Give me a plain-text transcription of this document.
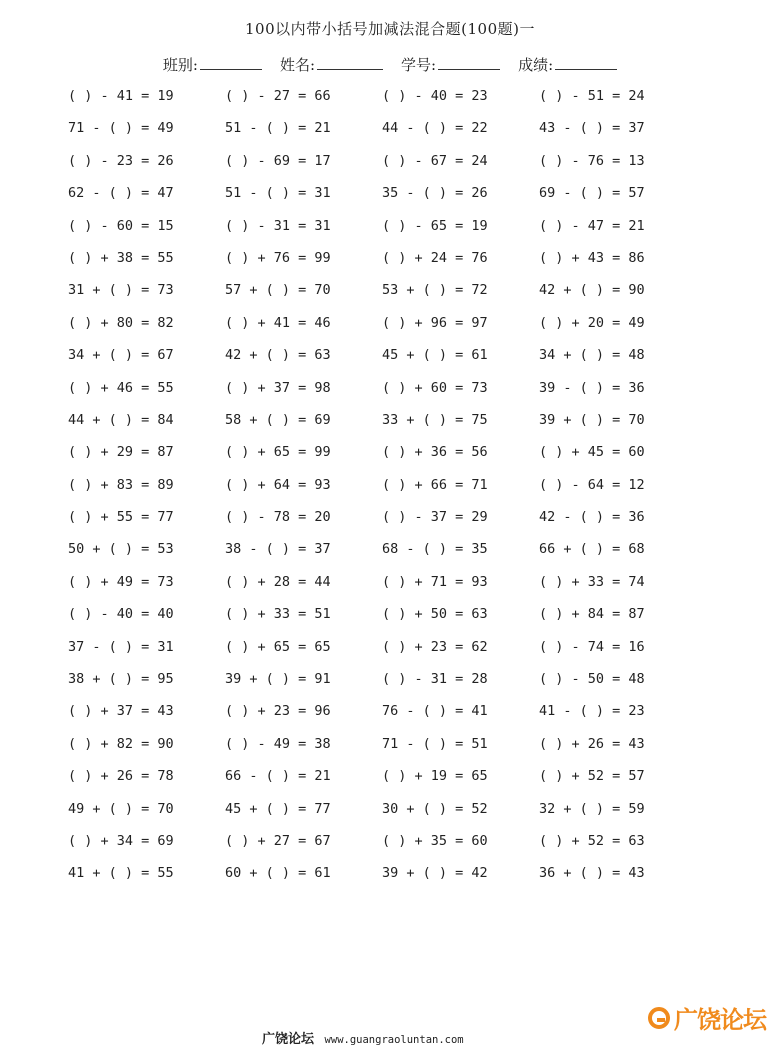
100以内带小括号加减法混合题(100题)一
班别:	姓名:	学号:	成绩:
( ) - 41 = 19	( ) - 27 = 66	( ) - 40 = 23	( ) - 51 = 24
71 - ( ) = 49	51 - ( ) = 21	44 - ( ) = 22	43 - ( ) = 37
( ) - 23 = 26	( ) - 69 = 17	( ) - 67 = 24	( ) - 76 = 13
62 - ( ) = 47	51 - ( ) = 31	35 - ( ) = 26	69 - ( ) = 57
( ) - 60 = 15	( ) - 31 = 31	( ) - 65 = 19	( ) - 47 = 21
( ) + 38 = 55	( ) + 76 = 99	( ) + 24 = 76	( ) + 43 = 86
31 + ( ) = 73	57 + ( ) = 70	53 + ( ) = 72	42 + ( ) = 90
( ) + 80 = 82	( ) + 41 = 46	( ) + 96 = 97	( ) + 20 = 49
34 + ( ) = 67	42 + ( ) = 63	45 + ( ) = 61	34 + ( ) = 48
( ) + 46 = 55	( ) + 37 = 98	( ) + 60 = 73	39 - ( ) = 36
44 + ( ) = 84	58 + ( ) = 69	33 + ( ) = 75	39 + ( ) = 70
( ) + 29 = 87	( ) + 65 = 99	( ) + 36 = 56	( ) + 45 = 60
( ) + 83 = 89	( ) + 64 = 93	( ) + 66 = 71	( ) - 64 = 12
( ) + 55 = 77	( ) - 78 = 20	( ) - 37 = 29	42 - ( ) = 36
50 + ( ) = 53	38 - ( ) = 37	68 - ( ) = 35	66 + ( ) = 68
( ) + 49 = 73	( ) + 28 = 44	( ) + 71 = 93	( ) + 33 = 74
( ) - 40 = 40	( ) + 33 = 51	( ) + 50 = 63	( ) + 84 = 87
37 - ( ) = 31	( ) + 65 = 65	( ) + 23 = 62	( ) - 74 = 16
38 + ( ) = 95	39 + ( ) = 91	( ) - 31 = 28	( ) - 50 = 48
( ) + 37 = 43	( ) + 23 = 96	76 - ( ) = 41	41 - ( ) = 23
( ) + 82 = 90	( ) - 49 = 38	71 - ( ) = 51	( ) + 26 = 43
( ) + 26 = 78	66 - ( ) = 21	( ) + 19 = 65	( ) + 52 = 57
49 + ( ) = 70	45 + ( ) = 77	30 + ( ) = 52	32 + ( ) = 59
( ) + 34 = 69	( ) + 27 = 67	( ) + 35 = 60	( ) + 52 = 63
41 + ( ) = 55	60 + ( ) = 61	39 + ( ) = 42	36 + ( ) = 43
广饶论坛 www.guangraoluntan.com
广饶论坛
